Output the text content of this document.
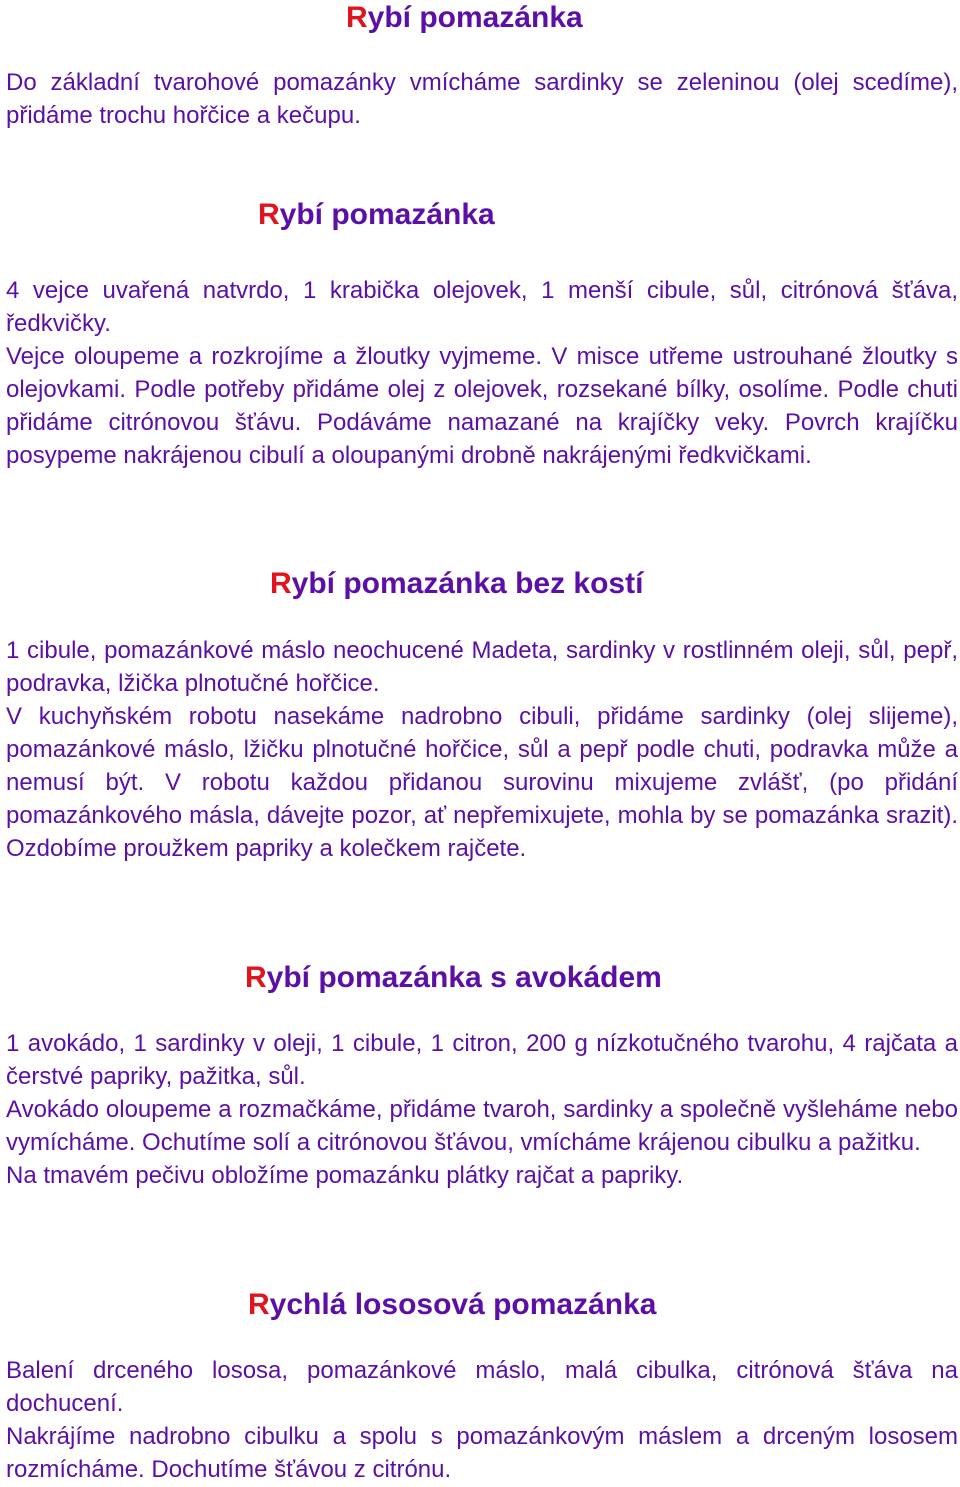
Rybí pomazánka

Do základní tvarohové pomazánky vmícháme sardinky se zeleninou (olej scedíme), přidáme trochu hořčice a kečupu.

Rybí pomazánka

4 vejce uvařená natvrdo, 1 krabička olejovek, 1 menší cibule, sůl, citrónová šťáva, ředkvičky.

Vejce oloupeme a rozkrojíme a žloutky vyjmeme. V misce utřeme ustrouhané žloutky s olejovkami. Podle potřeby přidáme olej z olejovek, rozsekané bílky, osolíme. Podle chuti přidáme citrónovou šťávu. Podáváme namazané na krajíčky veky. Povrch krajíčku posypeme nakrájenou cibulí a oloupanými drobně nakrájenými ředkvičkami.

Rybí pomazánka bez kostí

1 cibule, pomazánkové máslo neochucené Madeta, sardinky v rostlinném oleji, sůl, pepř, podravka, lžička plnotučné hořčice.

V kuchyňském robotu nasekáme nadrobno cibuli, přidáme sardinky (olej slijeme), pomazánkové máslo, lžičku plnotučné hořčice, sůl a pepř podle chuti, podravka může a nemusí být. V robotu každou přidanou surovinu mixujeme zvlášť, (po přidání pomazánkového másla, dávejte pozor, ať nepřemixujete, mohla by se pomazánka srazit). Ozdobíme proužkem papriky a kolečkem rajčete.

Rybí pomazánka s avokádem

1 avokádo, 1 sardinky v oleji, 1 cibule, 1 citron, 200 g nízkotučného tvarohu, 4 rajčata a čerstvé papriky, pažitka, sůl.

Avokádo oloupeme a rozmačkáme, přidáme tvaroh, sardinky a společně vyšleháme nebo vymícháme. Ochutíme solí a citrónovou šťávou, vmícháme krájenou cibulku a pažitku.

Na tmavém pečivu obložíme pomazánku plátky rajčat a papriky.

Rychlá lososová pomazánka

Balení drceného lososa, pomazánkové máslo, malá cibulka, citrónová šťáva na dochucení.

Nakrájíme nadrobno cibulku a spolu s pomazánkovým máslem a drceným lososem rozmícháme. Dochutíme šťávou z citrónu.
